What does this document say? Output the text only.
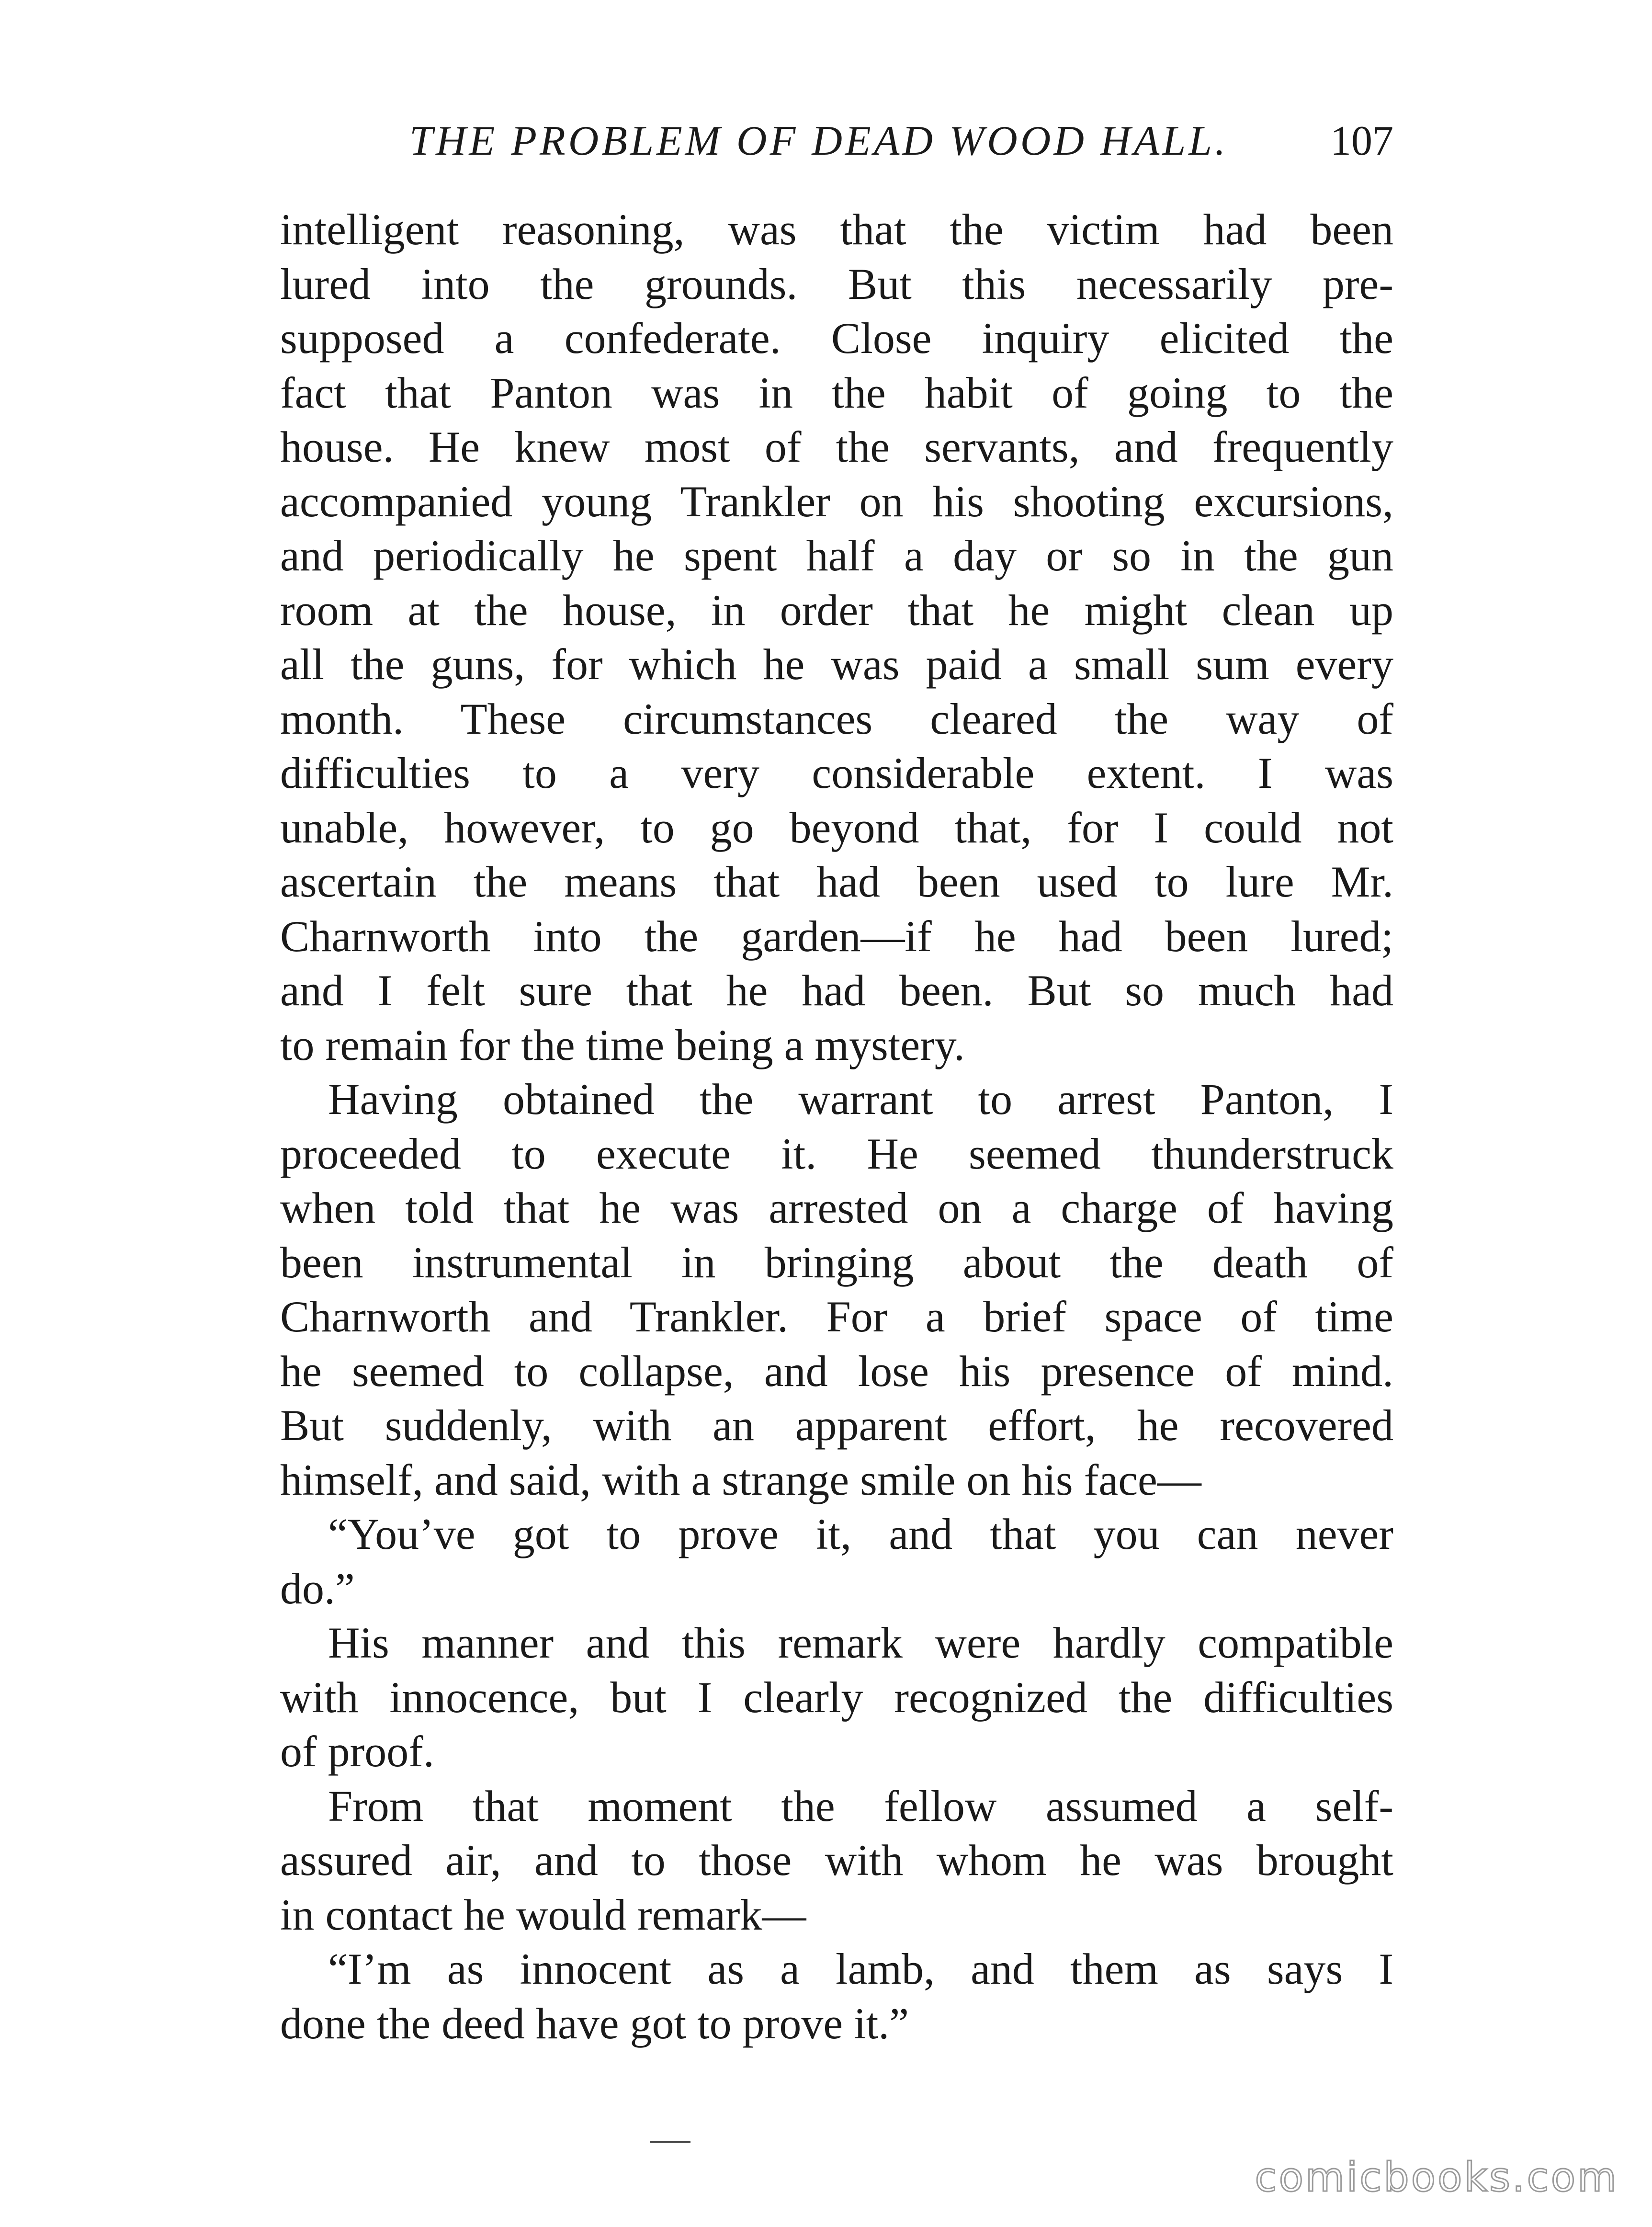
THE PROBLEM OF DEAD WOOD HALL. 107
intelligent reasoning, was that the victim had been
lured into the grounds. But this necessarily pre-
supposed a confederate. Close inquiry elicited the
fact that Panton was in the habit of going to the
house. He knew most of the servants, and frequently
accompanied young Trankler on his shooting excursions,
and periodically he spent half a day or so in the gun
room at the house, in order that he might clean up
all the guns, for which he was paid a small sum every
month. These circumstances cleared the way of
difficulties to a very considerable extent. I was
unable, however, to go beyond that, for I could not
ascertain the means that had been used to lure Mr.
Charnworth into the garden—if he had been lured;
and I felt sure that he had been. But so much had
to remain for the time being a mystery.
Having obtained the warrant to arrest Panton, I
proceeded to execute it. He seemed thunderstruck
when told that he was arrested on a charge of having
been instrumental in bringing about the death of
Charnworth and Trankler. For a brief space of time
he seemed to collapse, and lose his presence of mind.
But suddenly, with an apparent effort, he recovered
himself, and said, with a strange smile on his face—
“You’ve got to prove it, and that you can never
do.”
His manner and this remark were hardly compatible
with innocence, but I clearly recognized the difficulties
of proof.
From that moment the fellow assumed a self-
assured air, and to those with whom he was brought
in contact he would remark—
“I’m as innocent as a lamb, and them as says I
done the deed have got to prove it.”
comicbooks.com
